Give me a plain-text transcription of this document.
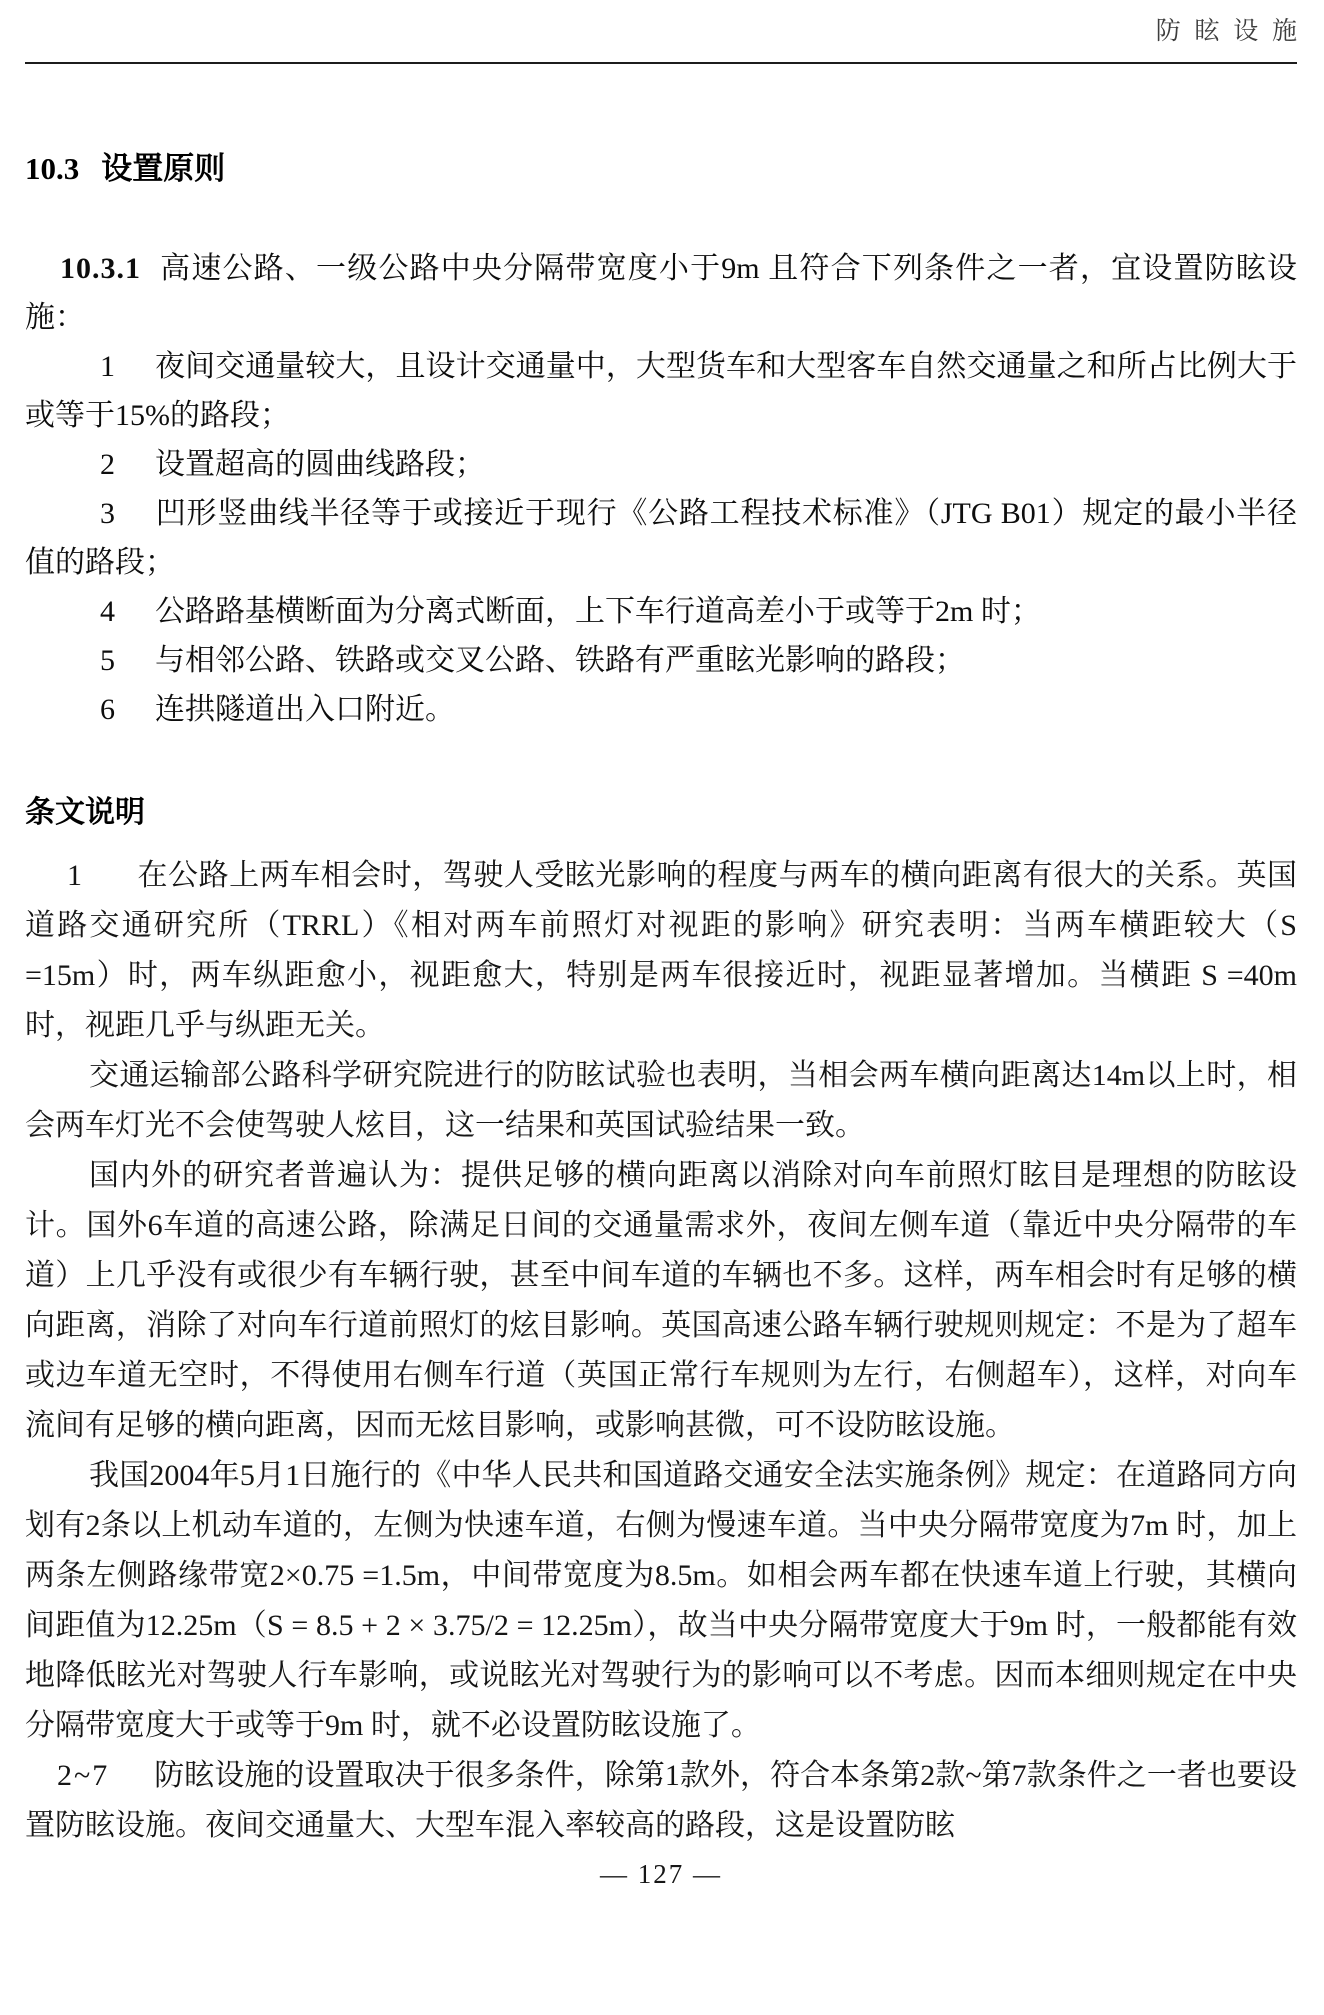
防眩设施
10.3 设置原则

10.3.1 高速公路、一级公路中央分隔带宽度小于9m 且符合下列条件之一者，宜设置防眩设施：

1 夜间交通量较大，且设计交通量中，大型货车和大型客车自然交通量之和所占比例大于或等于15%的路段；

2 设置超高的圆曲线路段；

3 凹形竖曲线半径等于或接近于现行《公路工程技术标准》（JTG B01）规定的最小半径值的路段；

4 公路路基横断面为分离式断面，上下车行道高差小于或等于2m 时；

5 与相邻公路、铁路或交叉公路、铁路有严重眩光影响的路段；

6 连拱隧道出入口附近。

条文说明

1 在公路上两车相会时，驾驶人受眩光影响的程度与两车的横向距离有很大的关系。英国道路交通研究所（TRRL）《相对两车前照灯对视距的影响》研究表明：当两车横距较大（S =15m）时，两车纵距愈小，视距愈大，特别是两车很接近时，视距显著增加。当横距 S =40m 时，视距几乎与纵距无关。

交通运输部公路科学研究院进行的防眩试验也表明，当相会两车横向距离达14m以上时，相会两车灯光不会使驾驶人炫目，这一结果和英国试验结果一致。

国内外的研究者普遍认为：提供足够的横向距离以消除对向车前照灯眩目是理想的防眩设计。国外6车道的高速公路，除满足日间的交通量需求外，夜间左侧车道（靠近中央分隔带的车道）上几乎没有或很少有车辆行驶，甚至中间车道的车辆也不多。这样，两车相会时有足够的横向距离，消除了对向车行道前照灯的炫目影响。英国高速公路车辆行驶规则规定：不是为了超车或边车道无空时，不得使用右侧车行道（英国正常行车规则为左行，右侧超车），这样，对向车流间有足够的横向距离，因而无炫目影响，或影响甚微，可不设防眩设施。

我国2004年5月1日施行的《中华人民共和国道路交通安全法实施条例》规定：在道路同方向划有2条以上机动车道的，左侧为快速车道，右侧为慢速车道。当中央分隔带宽度为7m 时，加上两条左侧路缘带宽2×0.75 =1.5m，中间带宽度为8.5m。如相会两车都在快速车道上行驶，其横向间距值为12.25m（S = 8.5 + 2 × 3.75/2 = 12.25m），故当中央分隔带宽度大于9m 时，一般都能有效地降低眩光对驾驶人行车影响，或说眩光对驾驶行为的影响可以不考虑。因而本细则规定在中央分隔带宽度大于或等于9m 时，就不必设置防眩设施了。

2~7 防眩设施的设置取决于很多条件，除第1款外，符合本条第2款~第7款条件之一者也要设置防眩设施。夜间交通量大、大型车混入率较高的路段，这是设置防眩

— 127 —
